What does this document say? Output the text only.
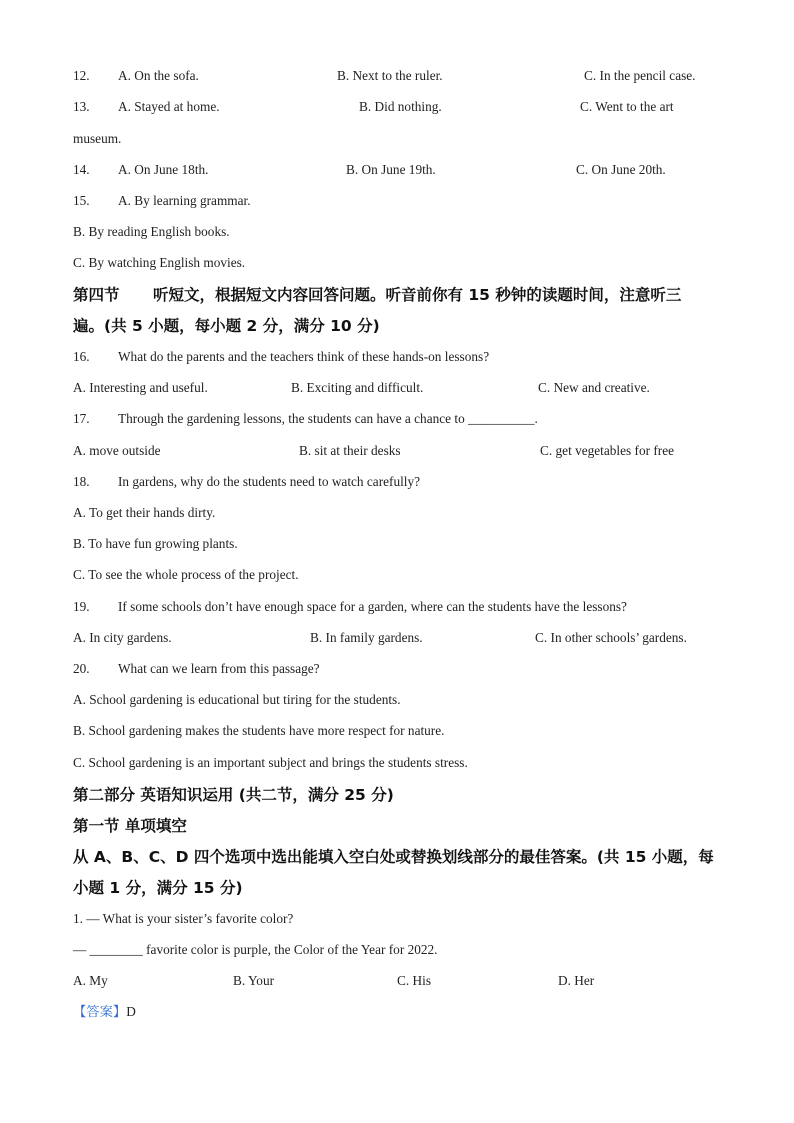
12. A. On the sofa.	B. Next to the ruler.	C. In the pencil case.
13. A. Stayed at home.	B. Did nothing.	C. Went to the art
museum.
14. A. On June 18th.	B. On June 19th.	C. On June 20th.
15. A. By learning grammar.
B. By reading English books.
C. By watching English movies.
第四节 听短文，根据短文内容回答问题。听音前你有 15 秒钟的读题时间，注意听三
遍。(共 5 小题，每小题 2 分，满分 10 分)
16. What do the parents and the teachers think of these hands-on lessons?
A. Interesting and useful.	B. Exciting and difficult.	C. New and creative.
17. Through the gardening lessons, the students can have a chance to __________.
A. move outside	B. sit at their desks	C. get vegetables for free
18. In gardens, why do the students need to watch carefully?
A. To get their hands dirty.
B. To have fun growing plants.
C. To see the whole process of the project.
19. If some schools don’t have enough space for a garden, where can the students have the lessons?
A. In city gardens.	B. In family gardens.	C. In other schools’ gardens.
20. What can we learn from this passage?
A. School gardening is educational but tiring for the students.
B. School gardening makes the students have more respect for nature.
C. School gardening is an important subject and brings the students stress.
第二部分 英语知识运用 (共二节，满分 25 分)
第一节 单项填空
从 A、B、C、D 四个选项中选出能填入空白处或替换划线部分的最佳答案。(共 15 小题，每
小题 1 分，满分 15 分)
1. — What is your sister’s favorite color?
— ________ favorite color is purple, the Color of the Year for 2022.
A. My	B. Your	C. His	D. Her
【答案】D
